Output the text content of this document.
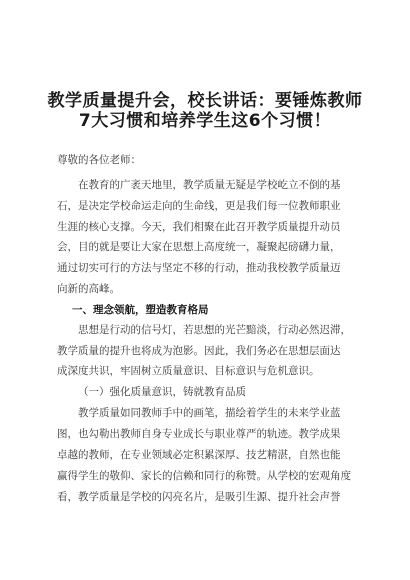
教学质量提升会，校长讲话：要锤炼教师
7大习惯和培养学生这6个习惯！
尊敬的各位老师：
在教育的广袤天地里，教学质量无疑是学校屹立不倒的基
石，是决定学校命运走向的生命线，更是我们每一位教师职业
生涯的核心支撑。今天，我们相聚在此召开教学质量提升动员
会，目的就是要让大家在思想上高度统一，凝聚起磅礴力量，
通过切实可行的方法与坚定不移的行动，推动我校教学质量迈
向新的高峰。
一、理念领航，塑造教育格局
思想是行动的信号灯，若思想的光芒黯淡，行动必然迟滞，
教学质量的提升也将成为泡影。因此，我们务必在思想层面达
成深度共识，牢固树立质量意识、目标意识与危机意识。
（一）强化质量意识，铸就教育品质
教学质量如同教师手中的画笔，描绘着学生的未来学业蓝
图，也勾勒出教师自身专业成长与职业尊严的轨迹。教学成果
卓越的教师，在专业领域必定积累深厚、技艺精湛，自然也能
赢得学生的敬仰、家长的信赖和同行的称赞。从学校的宏观角度
看，教学质量是学校的闪亮名片，是吸引生源、提升社会声誉
